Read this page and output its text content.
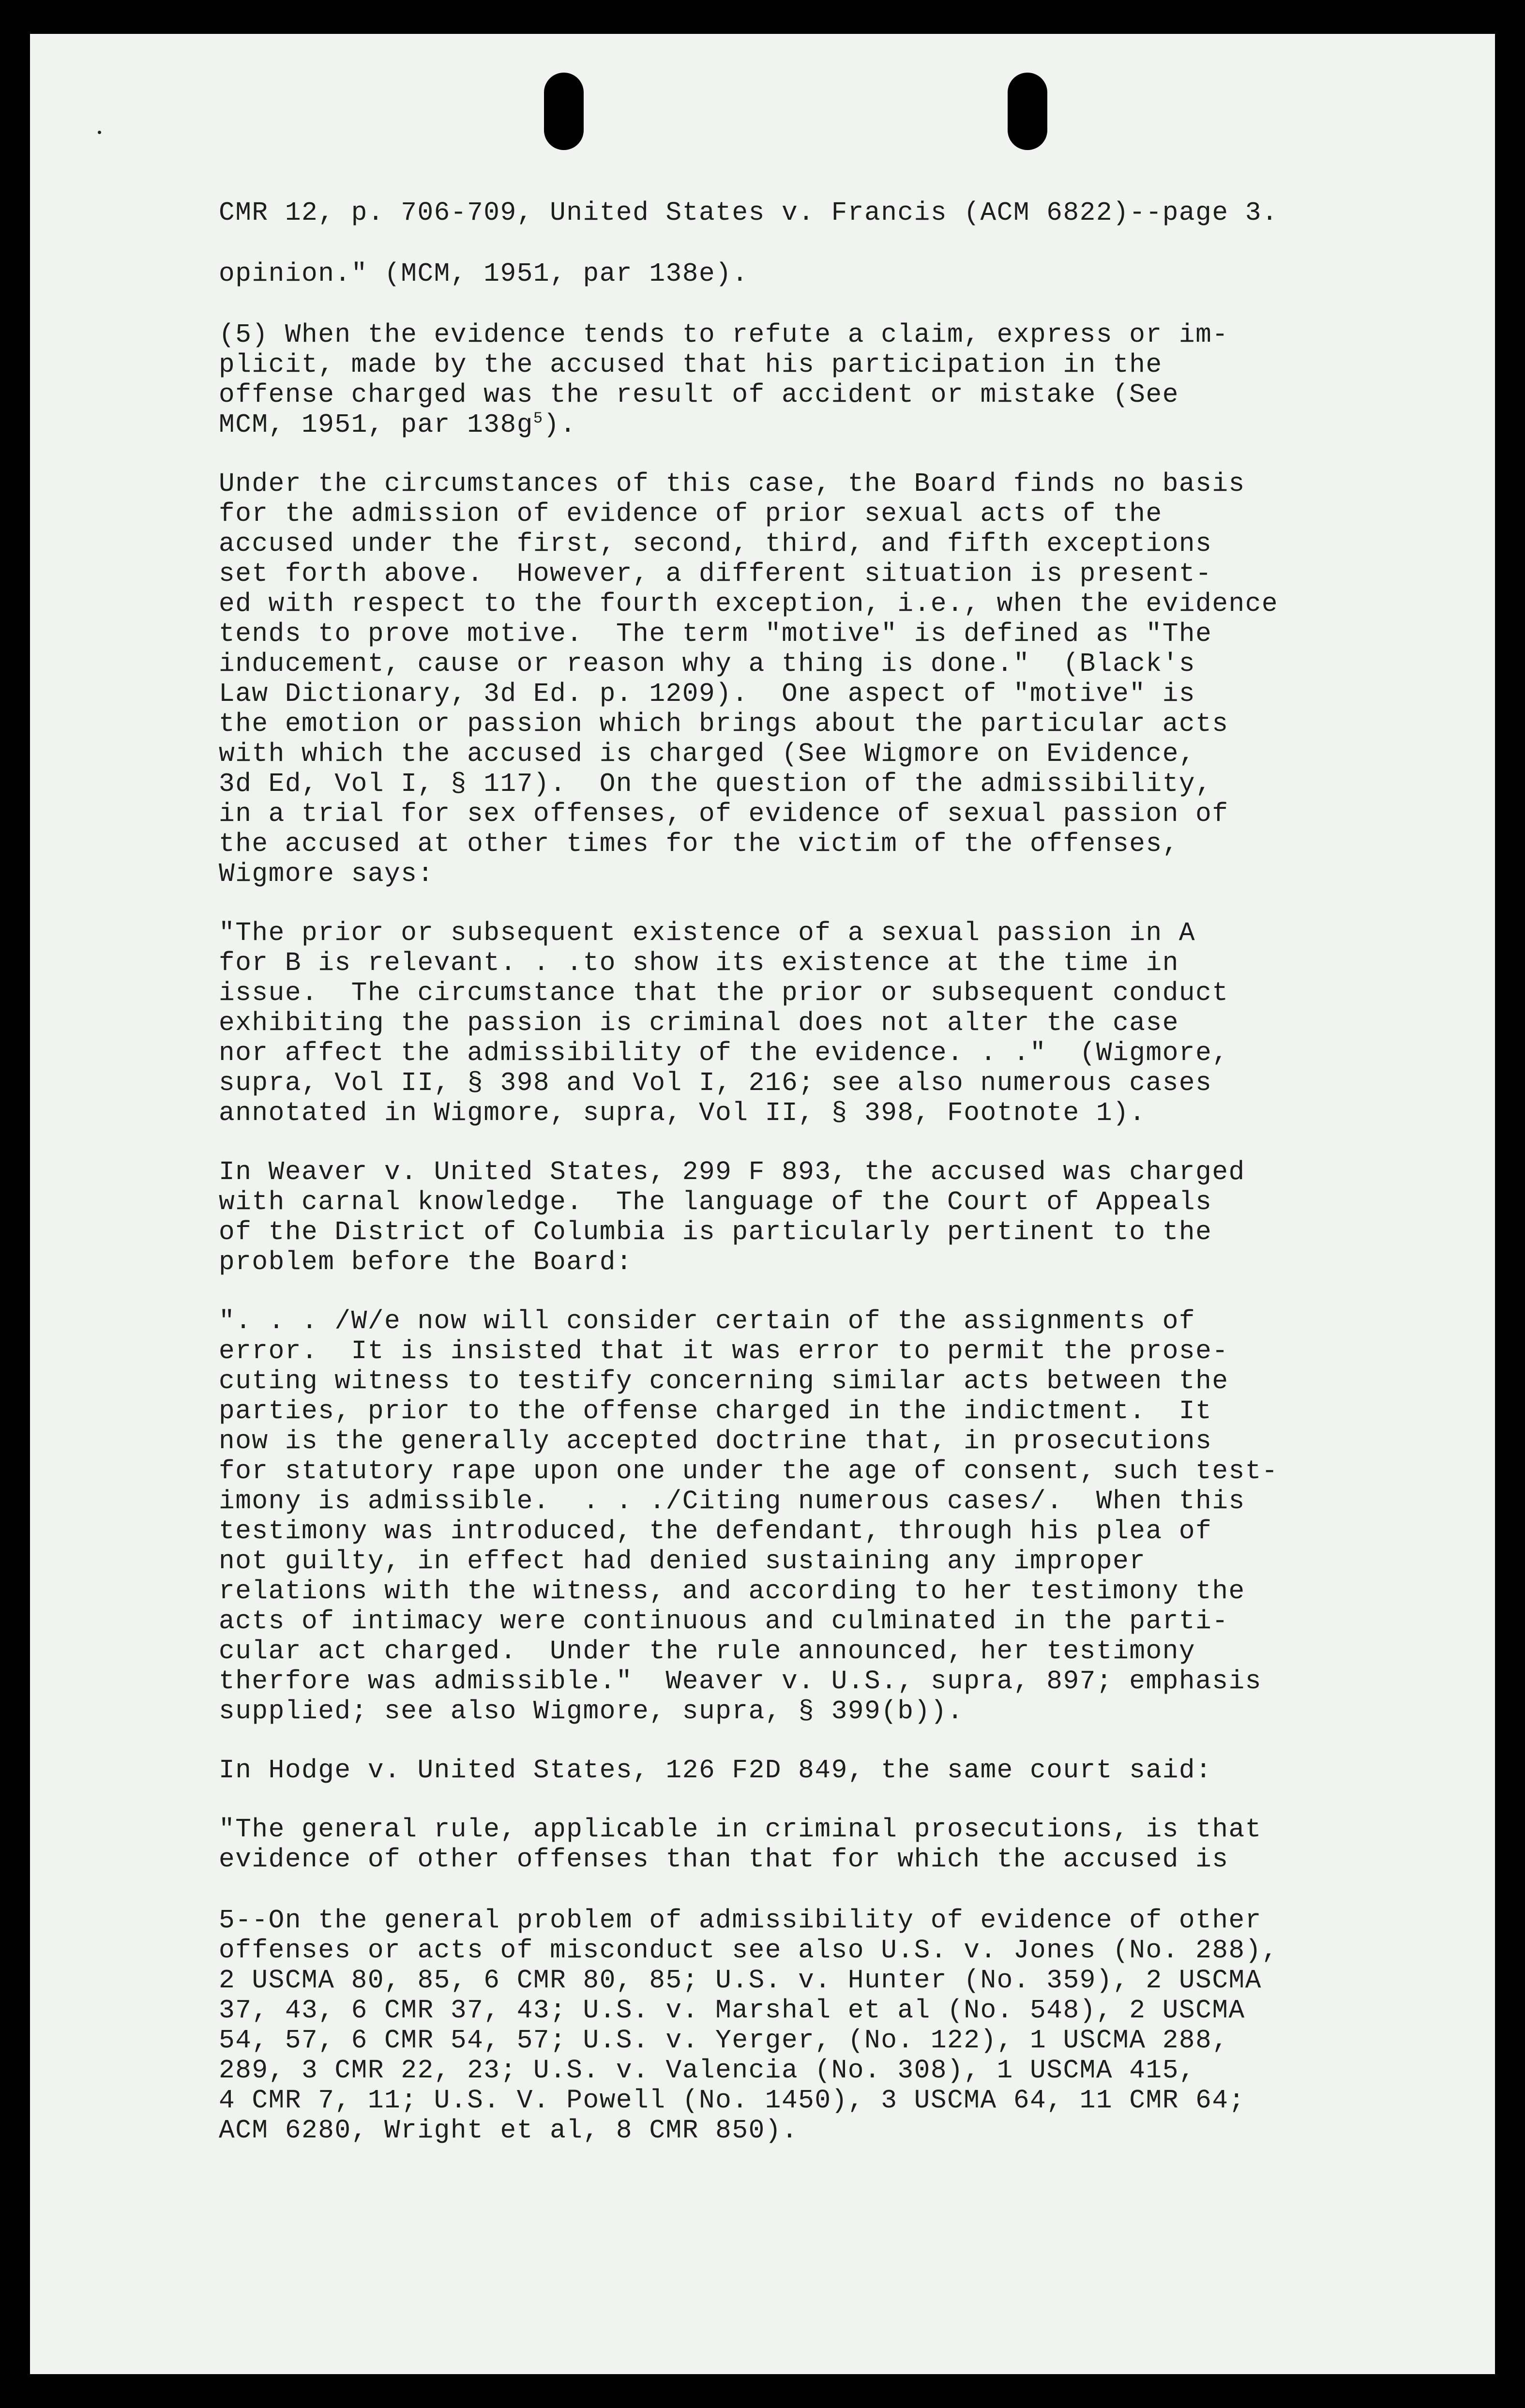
CMR 12, p. 706-709, United States v. Francis (ACM 6822)--page 3.
opinion." (MCM, 1951, par 138e).
(5) When the evidence tends to refute a claim, express or im-
plicit, made by the accused that his participation in the
offense charged was the result of accident or mistake (See
MCM, 1951, par $138g^5$).
Under the circumstances of this case, the Board finds no basis
for the admission of evidence of prior sexual acts of the
accused under the first, second, third, and fifth exceptions
set forth above.  However, a different situation is present-
ed with respect to the fourth exception, i.e., when the evidence
tends to prove motive.  The term "motive" is defined as "The
inducement, cause or reason why a thing is done."  (Black's
Law Dictionary, 3d Ed. p. 1209).  One aspect of "motive" is
the emotion or passion which brings about the particular acts
with which the accused is charged (See Wigmore on Evidence,
3d Ed, Vol I, § 117).  On the question of the admissibility,
in a trial for sex offenses, of evidence of sexual passion of
the accused at other times for the victim of the offenses,
Wigmore says:
"The prior or subsequent existence of a sexual passion in A
for B is relevant. . .to show its existence at the time in
issue.  The circumstance that the prior or subsequent conduct
exhibiting the passion is criminal does not alter the case
nor affect the admissibility of the evidence. . ."  (Wigmore,
supra, Vol II, § 398 and Vol I, 216; see also numerous cases
annotated in Wigmore, supra, Vol II, § 398, Footnote 1).
In Weaver v. United States, 299 F 893, the accused was charged
with carnal knowledge.  The language of the Court of Appeals
of the District of Columbia is particularly pertinent to the
problem before the Board:
". . . /W/e now will consider certain of the assignments of
error.  It is insisted that it was error to permit the prose-
cuting witness to testify concerning similar acts between the
parties, prior to the offense charged in the indictment.  It
now is the generally accepted doctrine that, in prosecutions
for statutory rape upon one under the age of consent, such test-
imony is admissible.  . . ./Citing numerous cases/.  When this
testimony was introduced, the defendant, through his plea of
not guilty, in effect had denied sustaining any improper
relations with the witness, and according to her testimony the
acts of intimacy were continuous and culminated in the parti-
cular act charged.  Under the rule announced, her testimony
therfore was admissible."  Weaver v. U.S., supra, 897; emphasis
supplied; see also Wigmore, supra, § 399(b)).
In Hodge v. United States, 126 F2D 849, the same court said:
"The general rule, applicable in criminal prosecutions, is that
evidence of other offenses than that for which the accused is
5--On the general problem of admissibility of evidence of other
offenses or acts of misconduct see also U.S. v. Jones (No. 288),
2 USCMA 80, 85, 6 CMR 80, 85; U.S. v. Hunter (No. 359), 2 USCMA
37, 43, 6 CMR 37, 43; U.S. v. Marshal et al (No. 548), 2 USCMA
54, 57, 6 CMR 54, 57; U.S. v. Yerger, (No. 122), 1 USCMA 288,
289, 3 CMR 22, 23; U.S. v. Valencia (No. 308), 1 USCMA 415,
4 CMR 7, 11; U.S. V. Powell (No. 1450), 3 USCMA 64, 11 CMR 64;
ACM 6280, Wright et al, 8 CMR 850).
